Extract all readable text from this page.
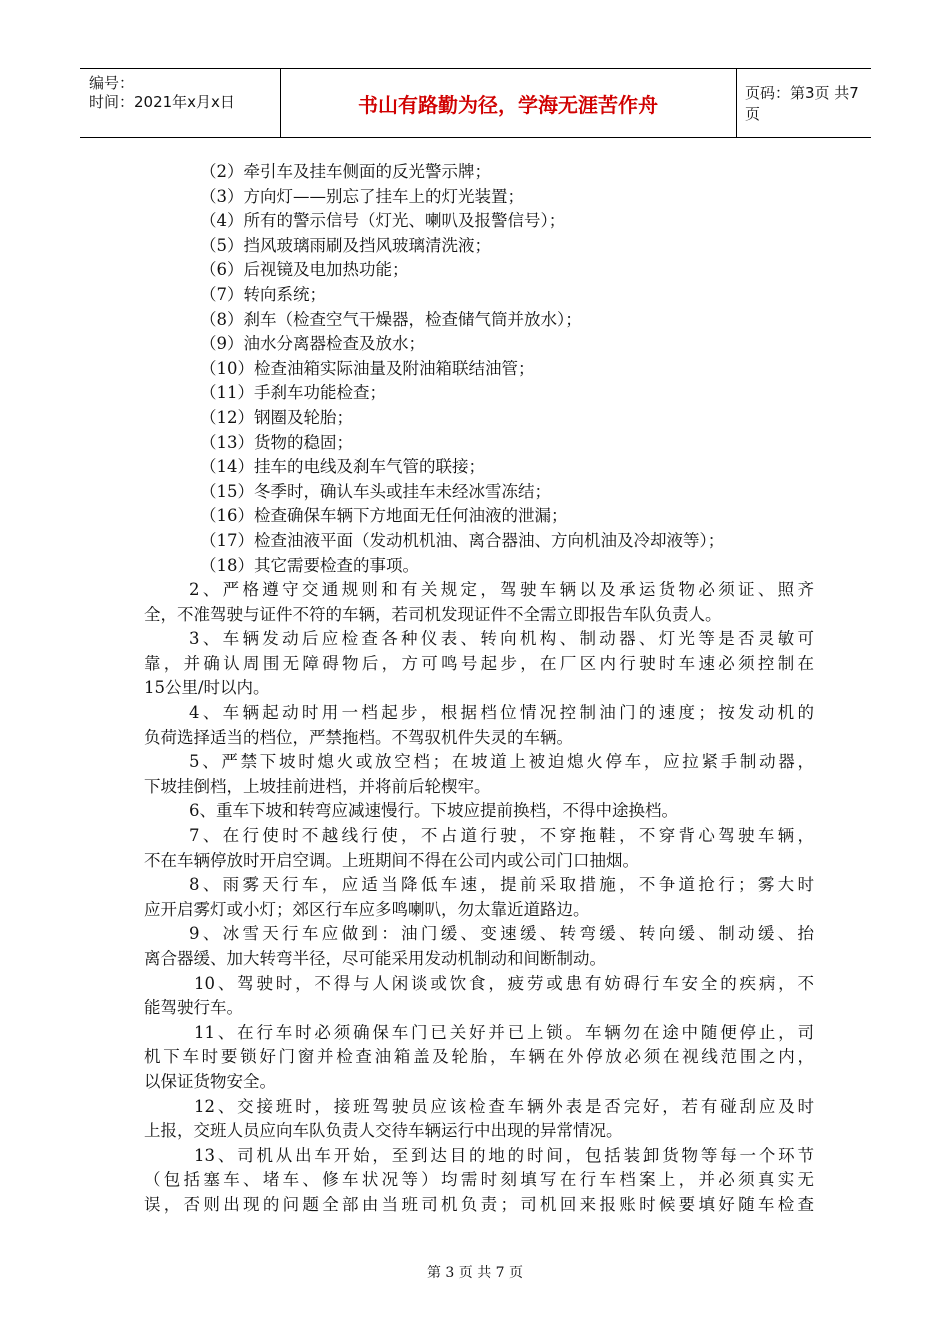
编号：
时间：2021年x月x日	书山有路勤为径，学海无涯苦作舟	页码：第3页 共7页
（2）牵引车及挂车侧面的反光警示牌；
（3）方向灯——别忘了挂车上的灯光装置；
（4）所有的警示信号（灯光、喇叭及报警信号）；
（5）挡风玻璃雨刷及挡风玻璃清洗液；
（6）后视镜及电加热功能；
（7）转向系统；
（8）刹车（检查空气干燥器，检查储气筒并放水）；
（9）油水分离器检查及放水；
（10）检查油箱实际油量及附油箱联结油管；
（11）手刹车功能检查；
（12）钢圈及轮胎；
（13）货物的稳固；
（14）挂车的电线及刹车气管的联接；
（15）冬季时，确认车头或挂车未经冰雪冻结；
（16）检查确保车辆下方地面无任何油液的泄漏；
（17）检查油液平面（发动机机油、离合器油、方向机油及冷却液等）；
（18）其它需要检查的事项。
2、严格遵守交通规则和有关规定，驾驶车辆以及承运货物必须证、照齐
全，不准驾驶与证件不符的车辆，若司机发现证件不全需立即报告车队负责人。
3、车辆发动后应检查各种仪表、转向机构、制动器、灯光等是否灵敏可
靠，并确认周围无障碍物后，方可鸣号起步，在厂区内行驶时车速必须控制在
15公里/时以内。
4、车辆起动时用一档起步，根据档位情况控制油门的速度；按发动机的
负荷选择适当的档位，严禁拖档。不驾驭机件失灵的车辆。
5、严禁下坡时熄火或放空档；在坡道上被迫熄火停车，应拉紧手制动器，
下坡挂倒档，上坡挂前进档，并将前后轮楔牢。
6、重车下坡和转弯应减速慢行。下坡应提前换档，不得中途换档。
7、在行使时不越线行使，不占道行驶，不穿拖鞋，不穿背心驾驶车辆，
不在车辆停放时开启空调。上班期间不得在公司内或公司门口抽烟。
8、雨雾天行车，应适当降低车速，提前采取措施，不争道抢行；雾大时
应开启雾灯或小灯；郊区行车应多鸣喇叭，勿太靠近道路边。
9、冰雪天行车应做到：油门缓、变速缓、转弯缓、转向缓、制动缓、抬
离合器缓、加大转弯半径，尽可能采用发动机制动和间断制动。
10、驾驶时，不得与人闲谈或饮食，疲劳或患有妨碍行车安全的疾病，不
能驾驶行车。
11、在行车时必须确保车门已关好并已上锁。车辆勿在途中随便停止，司
机下车时要锁好门窗并检查油箱盖及轮胎，车辆在外停放必须在视线范围之内，
以保证货物安全。
12、交接班时，接班驾驶员应该检查车辆外表是否完好，若有碰刮应及时
上报，交班人员应向车队负责人交待车辆运行中出现的异常情况。
13、司机从出车开始，至到达目的地的时间，包括装卸货物等每一个环节
（包括塞车、堵车、修车状况等）均需时刻填写在行车档案上，并必须真实无
误，否则出现的问题全部由当班司机负责；司机回来报账时候要填好随车检查
第 3 页 共 7 页
